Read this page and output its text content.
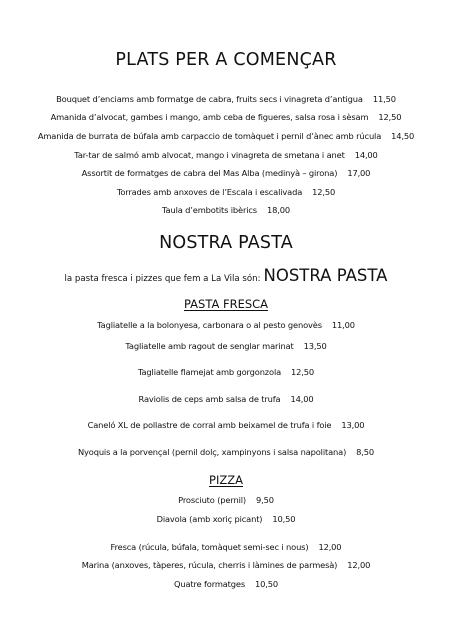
PLATS PER A COMENÇAR
Bouquet d’enciams amb formatge de cabra, fruits secs i vinagreta d’antigua 11,50
Amanida d’alvocat, gambes i mango, amb ceba de figueres, salsa rosa i sèsam 12,50
Amanida de burrata de búfala amb carpaccio de tomàquet i pernil d’ànec amb rúcula 14,50
Tar-tar de salmó amb alvocat, mango i vinagreta de smetana i anet 14,00
Assortit de formatges de cabra del Mas Alba (medinyà – girona) 17,00
Torrades amb anxoves de l’Escala i escalivada 12,50
Taula d’embotits ibèrics 18,00
NOSTRA PASTA
la pasta fresca i pizzes que fem a La Vila són: NOSTRA PASTA
PASTA FRESCA
Tagliatelle a la bolonyesa, carbonara o al pesto genovès 11,00
Tagliatelle amb ragout de senglar marinat 13,50
Tagliatelle flamejat amb gorgonzola 12,50
Raviolis de ceps amb salsa de trufa 14,00
Caneló XL de pollastre de corral amb beixamel de trufa i foie 13,00
Nyoquis a la porvençal (pernil dolç, xampinyons i salsa napolitana) 8,50
PIZZA
Prosciuto (pernil) 9,50
Diavola (amb xoriç picant) 10,50
Fresca (rúcula, búfala, tomàquet semi-sec i nous) 12,00
Marina (anxoves, tàperes, rúcula, cherris i làmines de parmesà) 12,00
Quatre formatges 10,50
